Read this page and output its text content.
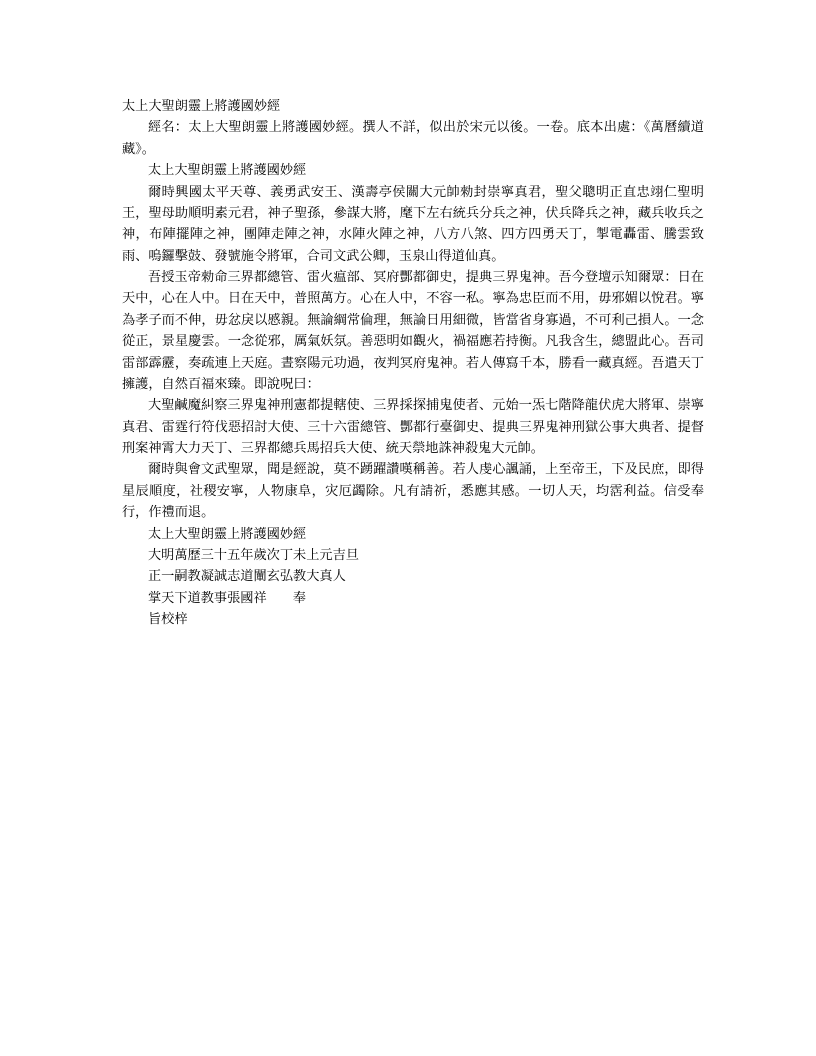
太上大聖朗靈上將護國妙經

經名：太上大聖朗靈上將護國妙經。撰人不詳，似出於宋元以後。一卷。底本出處：《萬曆續道藏》。

太上大聖朗靈上將護國妙經

爾時興國太平天尊、義勇武安王、漢壽亭侯關大元帥勑封崇寧真君，聖父聰明正直忠翊仁聖明王，聖母助順明素元君，神子聖孫，參謀大將，麾下左右統兵分兵之神，伏兵降兵之神，藏兵收兵之神，布陣擺陣之神，團陣走陣之神，水陣火陣之神，八方八煞、四方四勇天丁，掣電轟雷、騰雲致雨、嗚鑼擊鼓、發號施令將軍，合司文武公卿，玉泉山得道仙真。

吾授玉帝勑命三界都總管、雷火瘟部、冥府酆都御史，提典三界鬼神。吾今登壇示知爾眾：日在天中，心在人中。日在天中，普照萬方。心在人中，不容一私。寧為忠臣而不用，毋邪媚以悅君。寧為孝子而不伸，毋忿戾以慼親。無論綱常倫理，無論日用細微，皆當省身寡過，不可利己損人。一念從正，景星慶雲。一念從邪，厲氣妖氛。善惡明如觀火，禍福應若持衡。凡我含生，總盟此心。吾司雷部霹靂，奏疏連上天庭。晝察陽元功過，夜判冥府鬼神。若人傳寫千本，勝看一藏真經。吾遣天丁擁護，自然百福來臻。即說呪曰：

大聖鹹魔糾察三界鬼神刑憲都提轄使、三界採探捕鬼使者、元始一炁七階降龍伏虎大將軍、崇寧真君、雷霆行符伐惡招討大使、三十六雷總管、酆都行臺御史、提典三界鬼神刑獄公事大典者、提督刑案神霄大力天丁、三界都總兵馬招兵大使、統天禜地誅神殺鬼大元帥。

爾時與會文武聖眾，聞是經說，莫不踴躍讚嘆稱善。若人虔心諷誦，上至帝王，下及民庶，即得星辰順度，社稷安寧，人物康阜，灾厄蠲除。凡有請祈，悉應其感。一切人天，均霑利益。信受奉行，作禮而退。

太上大聖朗靈上將護國妙經

大明萬歷三十五年歲次丁未上元吉旦

正一嗣教凝誠志道闡玄弘教大真人

掌天下道教事張國祥 奉

旨校梓
